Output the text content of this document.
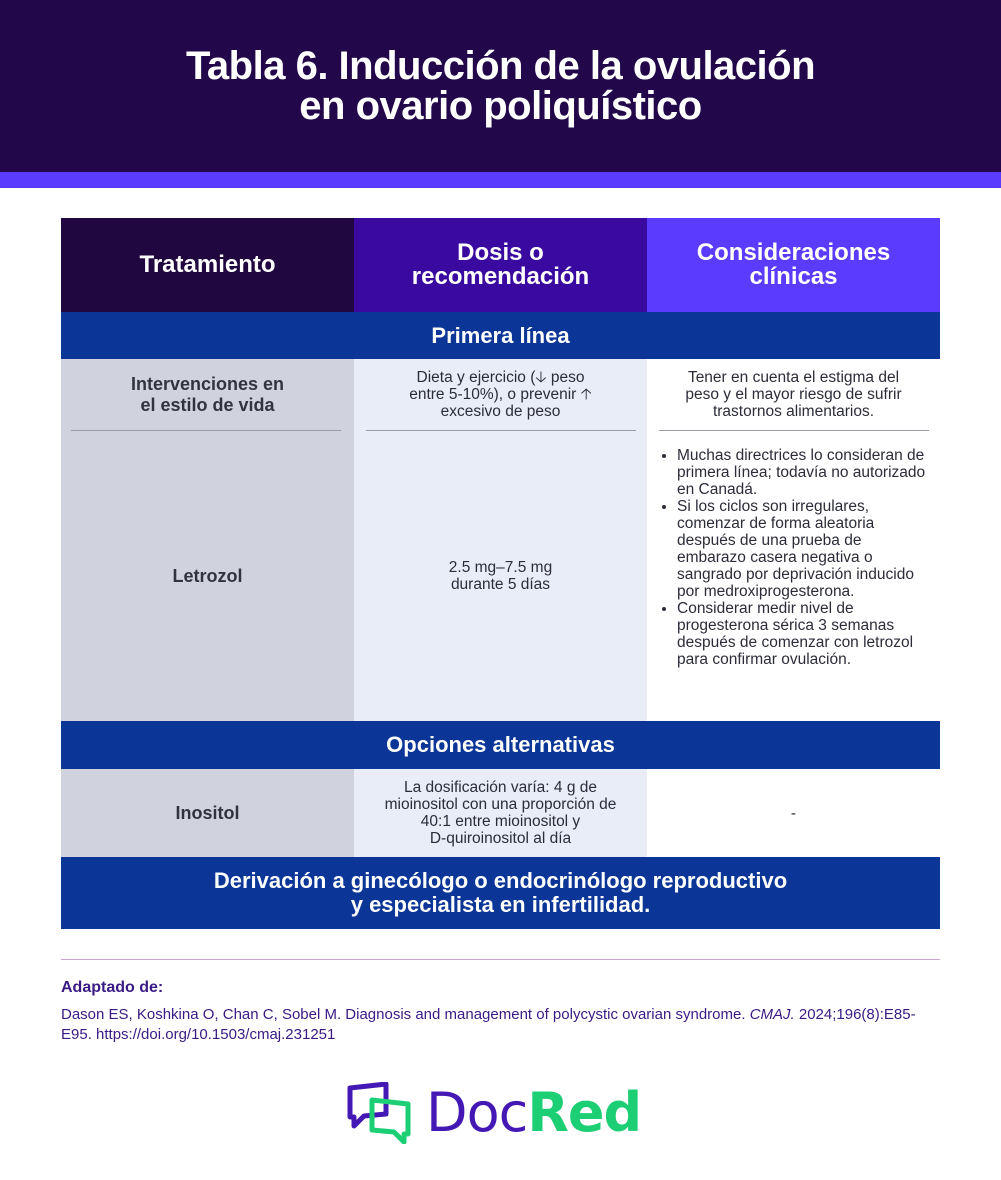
Tabla 6. Inducción de la ovulación
en ovario poliquístico
Tratamiento	Dosis o
recomendación
Consideraciones
clínicas
Primera línea
Intervenciones en
el estilo de vida
Letrozol
Dieta y ejercicio (🡣 peso
entre 5-10%), o prevenir 🡡
excesivo de peso
2.5 mg–7.5 mg
durante 5 días
Tener en cuenta el estigma del
peso y el mayor riesgo de sufrir
trastornos alimentarios.
• Muchas directrices lo consideran de primera línea; todavía no autorizado en Canadá.
• Si los ciclos son irregulares, comenzar de forma aleatoria después de una prueba de embarazo casera negativa o sangrado por deprivación inducido por medroxiprogesterona.
• Considerar medir nivel de progesterona sérica 3 semanas después de comenzar con letrozol para confirmar ovulación.
Opciones alternativas
Inositol
La dosificación varía: 4 g de
mioinositol con una proporción de
40:1 entre mioinositol y
D-quiroinositol al día
-
Derivación a ginecólogo o endocrinólogo reproductivo
y especialista en infertilidad.
Adaptado de:
Dason ES, Koshkina O, Chan C, Sobel M. Diagnosis and management of polycystic ovarian syndrome. CMAJ. 2024;196(8):E85-E95. https://doi.org/10.1503/cmaj.231251
DocRed
